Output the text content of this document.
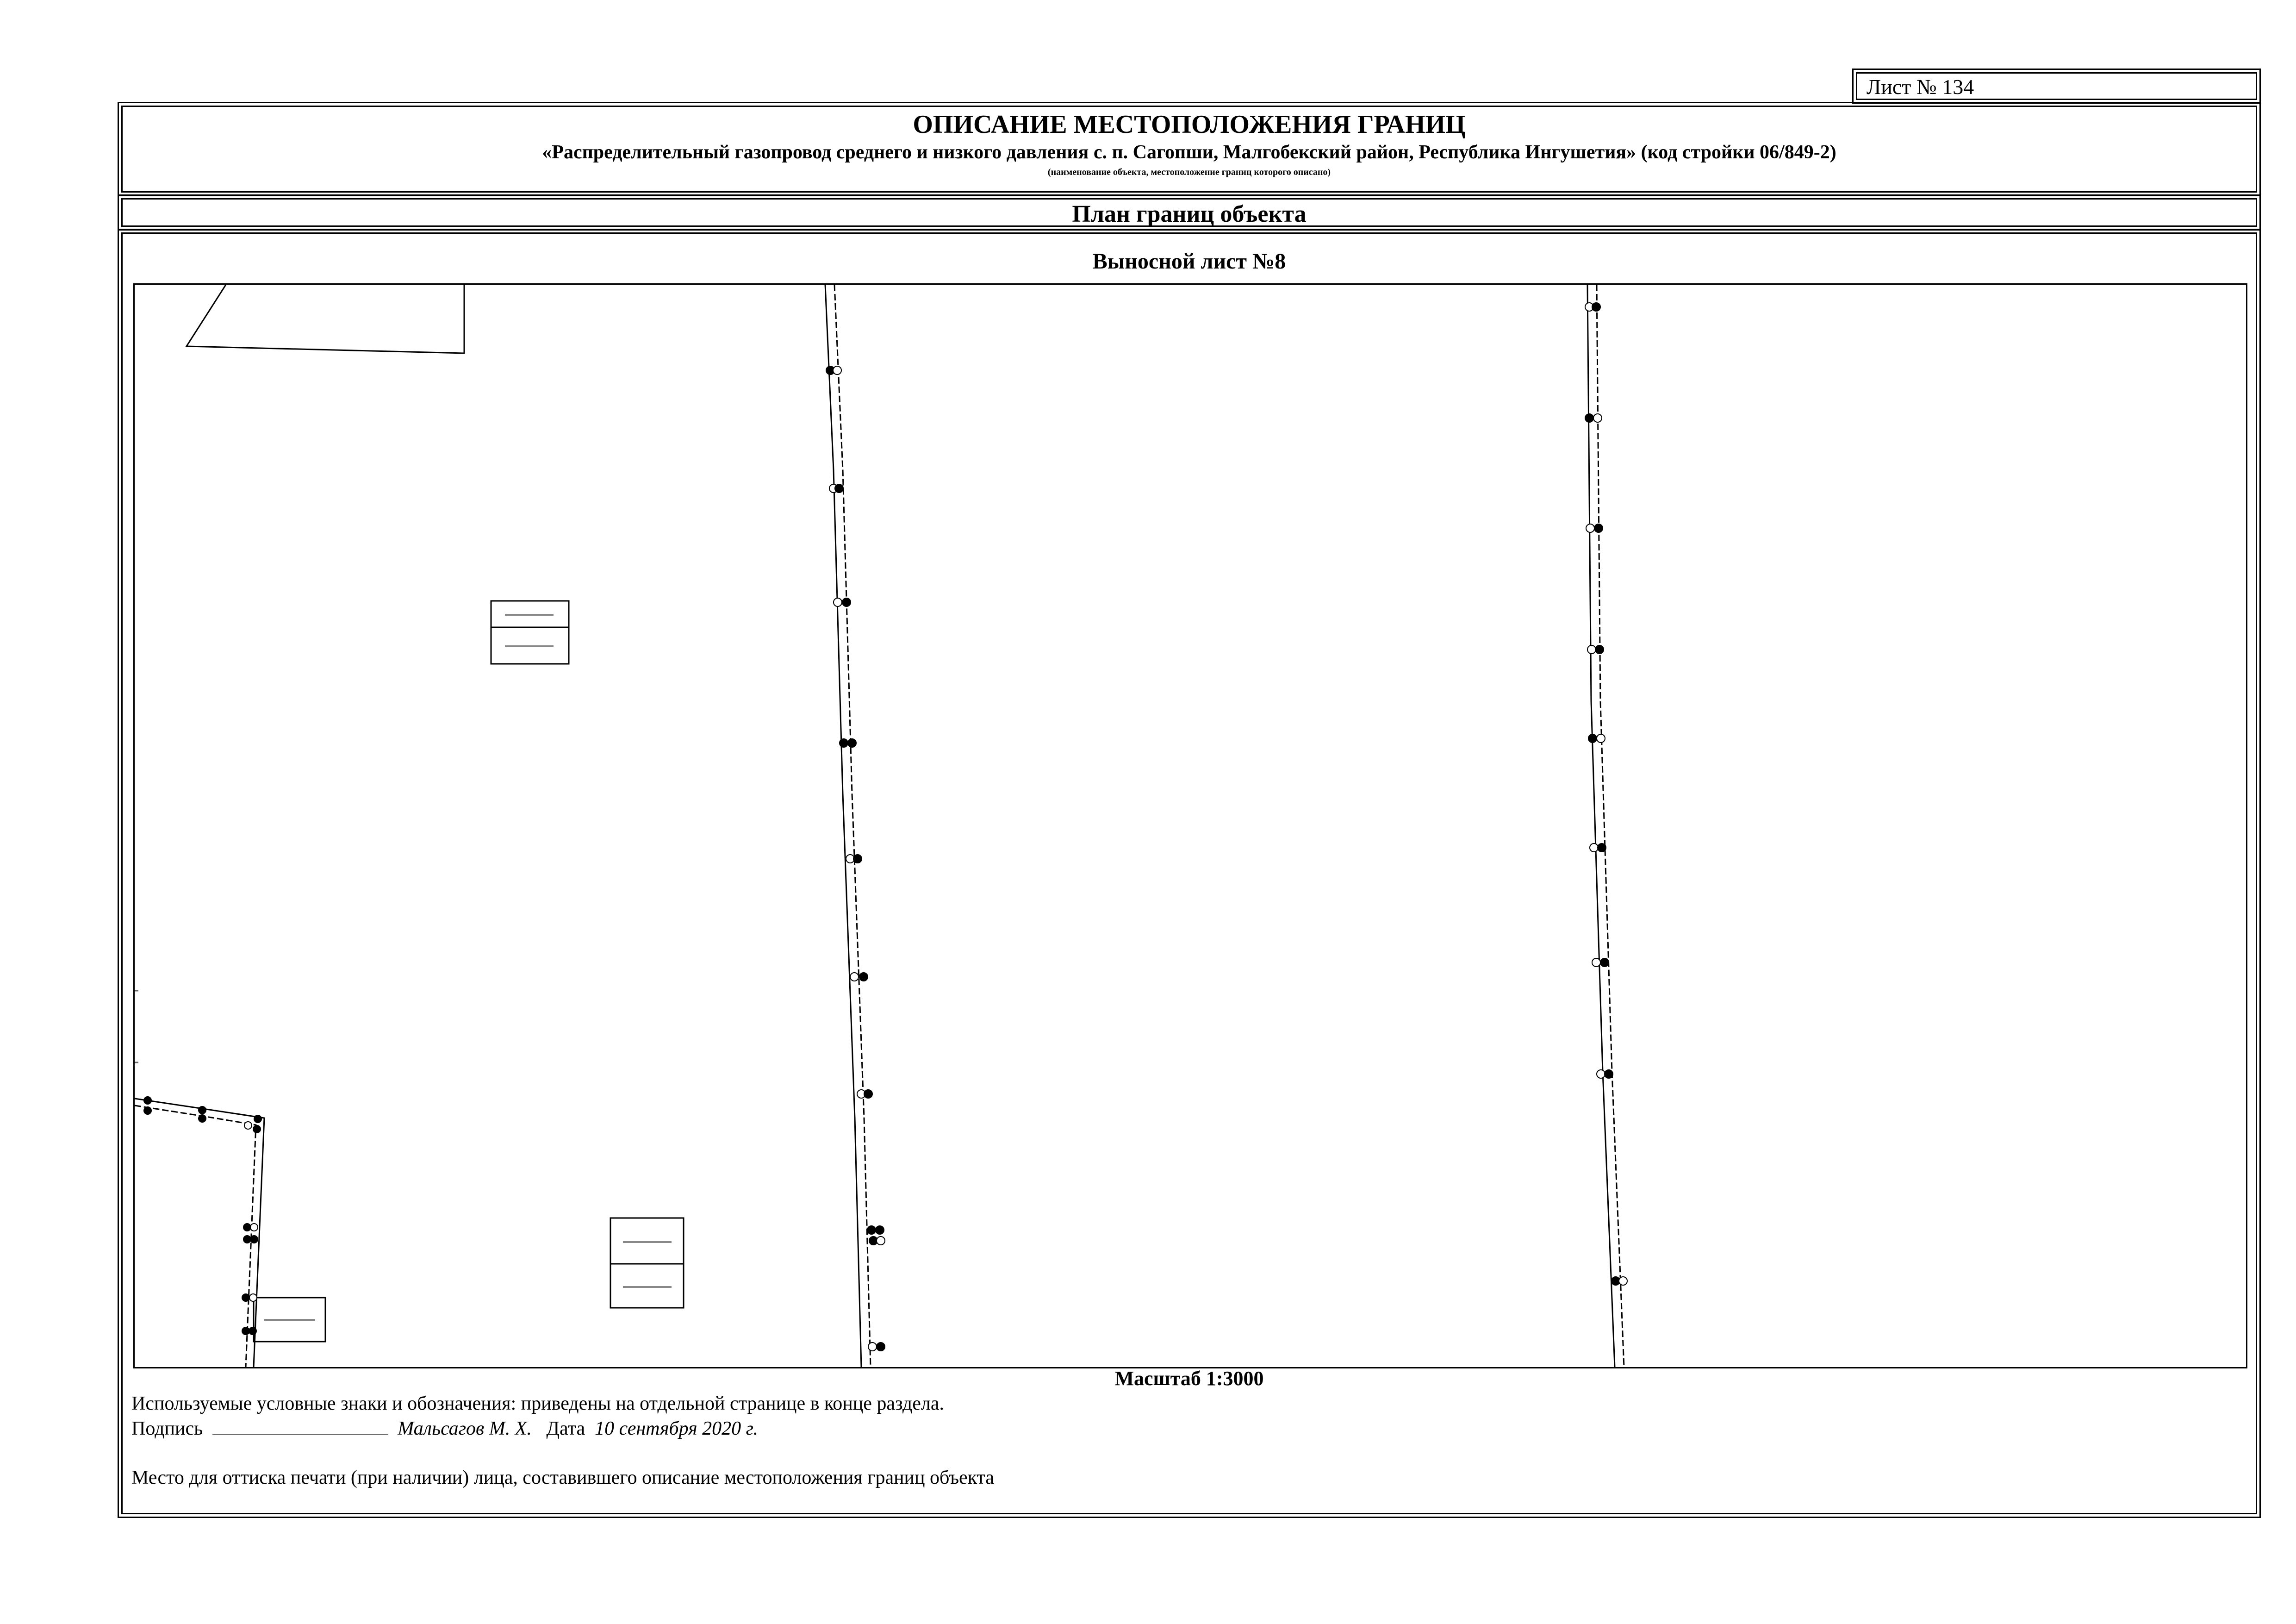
Лист № 134
ОПИСАНИЕ МЕСТОПОЛОЖЕНИЯ ГРАНИЦ
«Распределительный газопровод среднего и низкого давления с. п. Сагопши, Малгобекский район, Республика Ингушетия» (код стройки 06/849-2)
(наименование объекта, местоположение границ которого описано)
План границ объекта
Выносной лист №8
Масштаб 1:3000
Используемые условные знаки и обозначения: приведены на отдельной странице в конце раздела.
Подпись	Мальсагов М. Х. Дата 10 сентября 2020 г.
Место для оттиска печати (при наличии) лица, составившего описание местоположения границ объекта
